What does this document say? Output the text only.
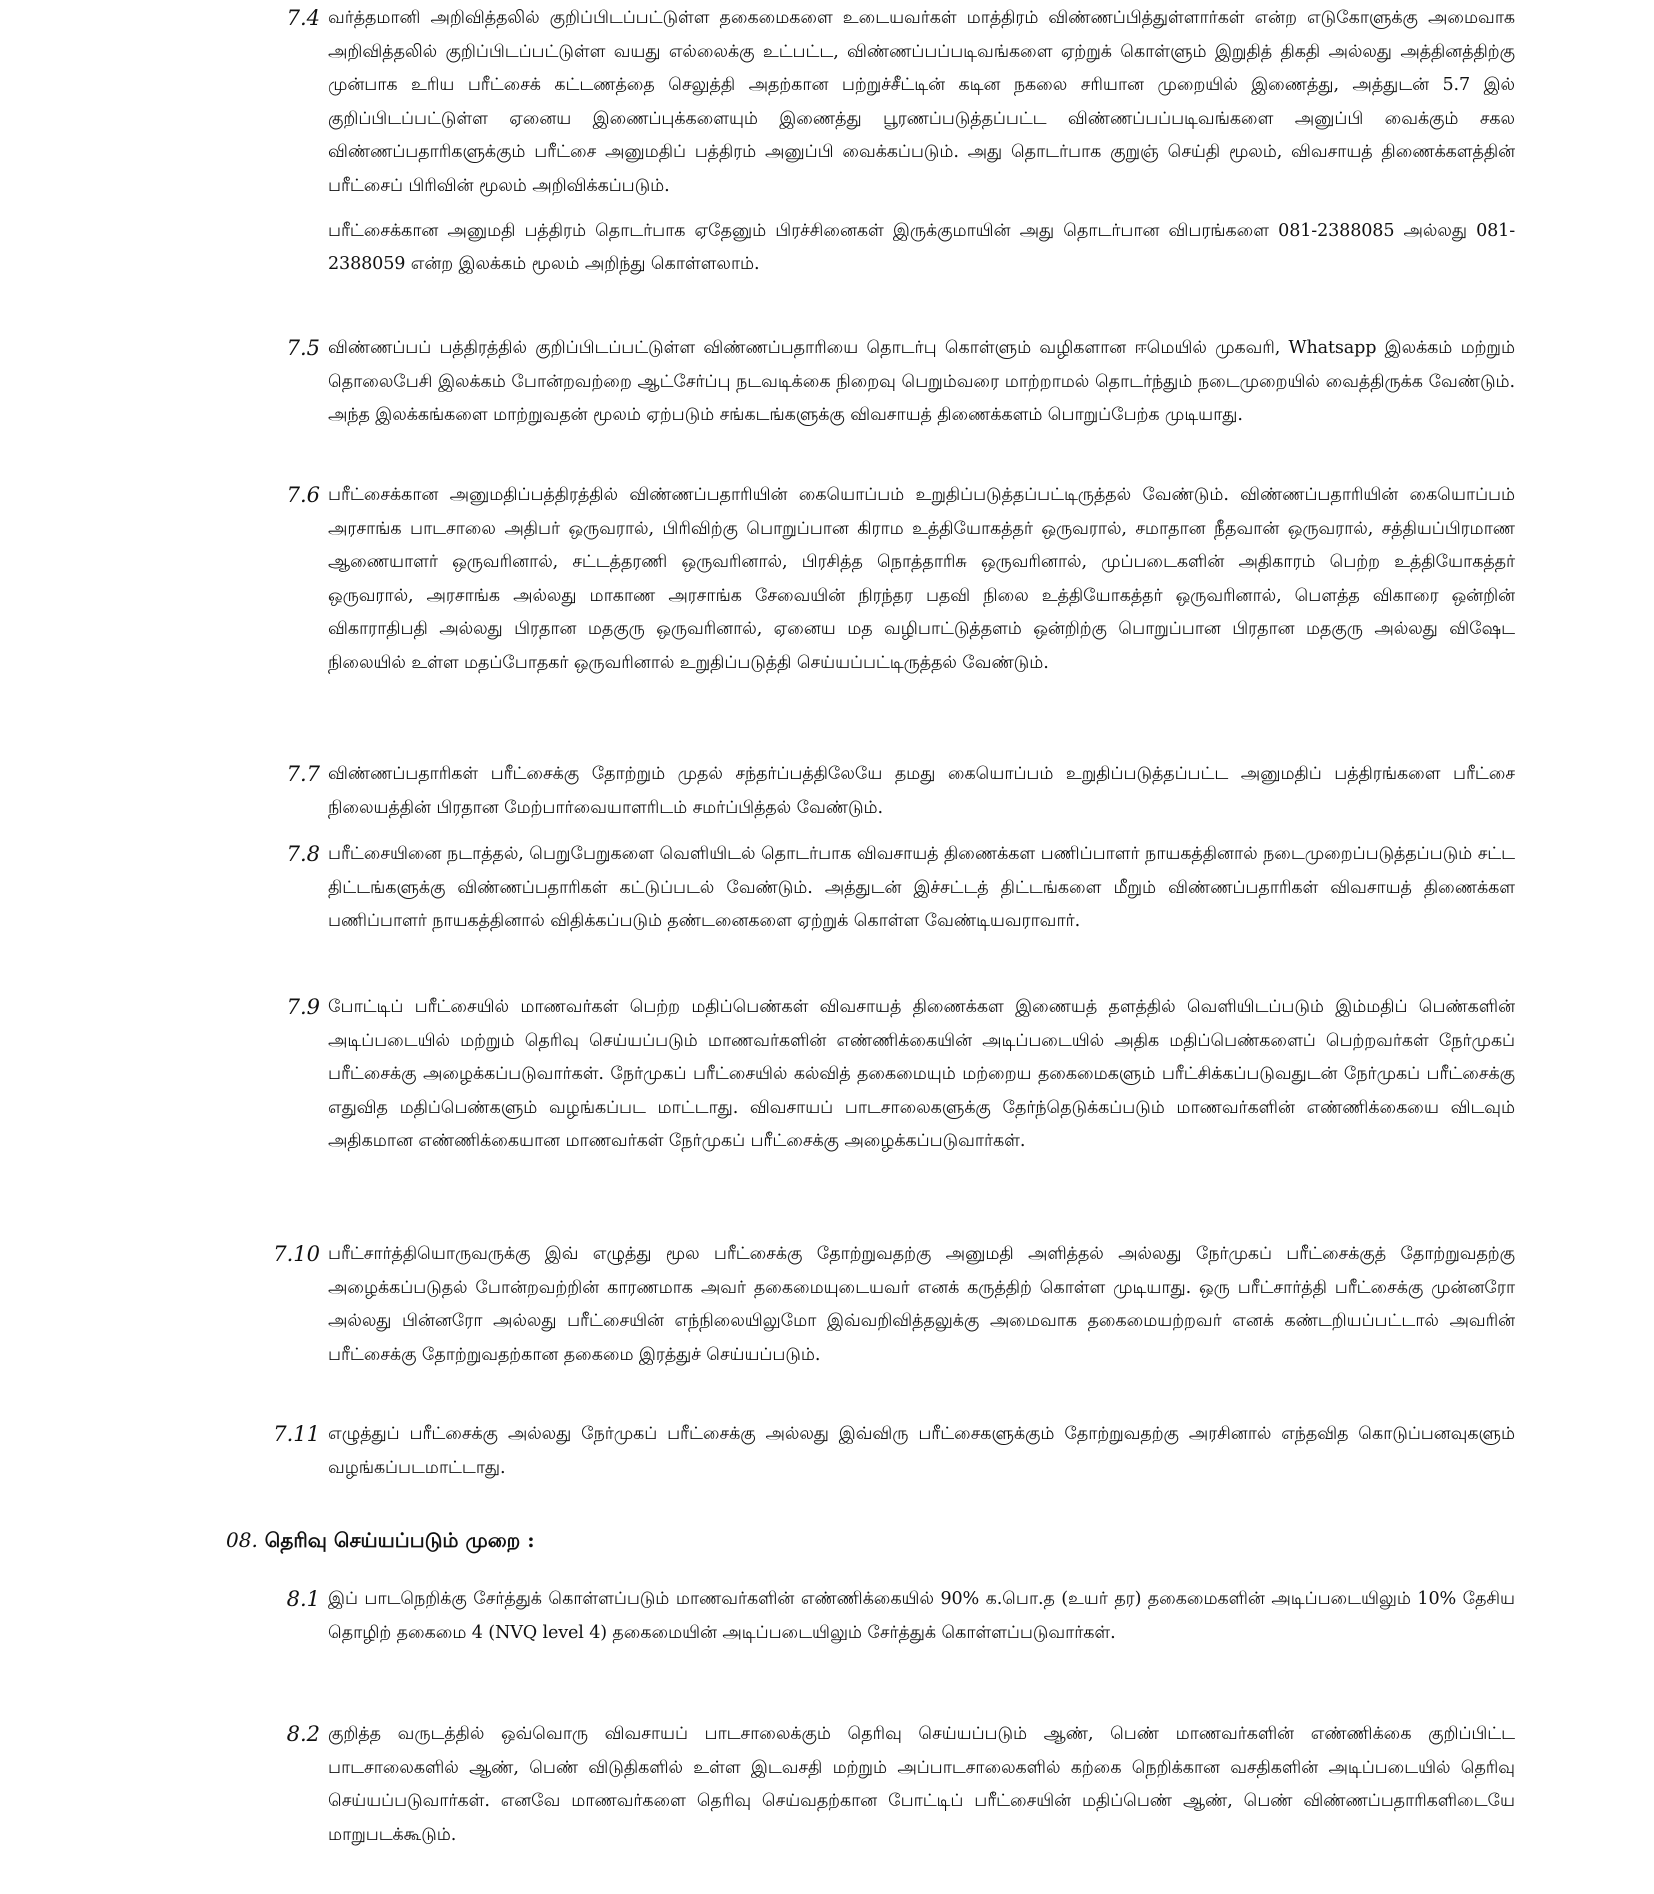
7.4 வர்த்தமானி அறிவித்தலில் குறிப்பிடப்பட்டுள்ள தகைமைகளை உடையவர்கள் மாத்திரம் விண்ணப்பித்துள்ளார்கள் என்ற எடுகோளுக்கு அமைவாக அறிவித்தலில் குறிப்பிடப்பட்டுள்ள வயது எல்லைக்கு உட்பட்ட, விண்ணப்பப்படிவங்களை ஏற்றுக் கொள்ளும் இறுதித் திகதி அல்லது அத்தினத்திற்கு முன்பாக உரிய பரீட்சைக் கட்டணத்தை செலுத்தி அதற்கான பற்றுச்சீட்டின் கடின நகலை சரியான முறையில் இணைத்து, அத்துடன் 5.7 இல் குறிப்பிடப்பட்டுள்ள ஏனைய இணைப்புக்களையும் இணைத்து பூரணப்படுத்தப்பட்ட விண்ணப்பப்படிவங்களை அனுப்பி வைக்கும் சகல விண்ணப்பதாரிகளுக்கும் பரீட்சை அனுமதிப் பத்திரம் அனுப்பி வைக்கப்படும். அது தொடர்பாக குறுஞ் செய்தி மூலம், விவசாயத் திணைக்களத்தின் பரீட்சைப் பிரிவின் மூலம் அறிவிக்கப்படும்.
பரீட்சைக்கான அனுமதி பத்திரம் தொடர்பாக ஏதேனும் பிரச்சினைகள் இருக்குமாயின் அது தொடர்பான விபரங்களை 081-2388085 அல்லது 081-2388059 என்ற இலக்கம் மூலம் அறிந்து கொள்ளலாம்.
7.5 விண்ணப்பப் பத்திரத்தில் குறிப்பிடப்பட்டுள்ள விண்ணப்பதாரியை தொடர்பு கொள்ளும் வழிகளான ஈமெயில் முகவரி, Whatsapp இலக்கம் மற்றும் தொலைபேசி இலக்கம் போன்றவற்றை ஆட்சேர்ப்பு நடவடிக்கை நிறைவு பெறும்வரை மாற்றாமல் தொடர்ந்தும் நடைமுறையில் வைத்திருக்க வேண்டும். அந்த இலக்கங்களை மாற்றுவதன் மூலம் ஏற்படும் சங்கடங்களுக்கு விவசாயத் திணைக்களம் பொறுப்பேற்க முடியாது.
7.6 பரீட்சைக்கான அனுமதிப்பத்திரத்தில் விண்ணப்பதாரியின் கையொப்பம் உறுதிப்படுத்தப்பட்டிருத்தல் வேண்டும். விண்ணப்பதாரியின் கையொப்பம் அரசாங்க பாடசாலை அதிபர் ஒருவரால், பிரிவிற்கு பொறுப்பான கிராம உத்தியோகத்தர் ஒருவரால், சமாதான நீதவான் ஒருவரால், சத்தியப்பிரமாண ஆணையாளர் ஒருவரினால், சட்டத்தரணி ஒருவரினால், பிரசித்த நொத்தாரிசு ஒருவரினால், முப்படைகளின் அதிகாரம் பெற்ற உத்தியோகத்தர் ஒருவரால், அரசாங்க அல்லது மாகாண அரசாங்க சேவையின் நிரந்தர பதவி நிலை உத்தியோகத்தர் ஒருவரினால், பௌத்த விகாரை ஒன்றின் விகாராதிபதி அல்லது பிரதான மதகுரு ஒருவரினால், ஏனைய மத வழிபாட்டுத்தளம் ஒன்றிற்கு பொறுப்பான பிரதான மதகுரு அல்லது விஷேட நிலையில் உள்ள மதப்போதகர் ஒருவரினால் உறுதிப்படுத்தி செய்யப்பட்டிருத்தல் வேண்டும்.
7.7 விண்ணப்பதாரிகள் பரீட்சைக்கு தோற்றும் முதல் சந்தர்ப்பத்திலேயே தமது கையொப்பம் உறுதிப்படுத்தப்பட்ட அனுமதிப் பத்திரங்களை பரீட்சை நிலையத்தின் பிரதான மேற்பார்வையாளரிடம் சமர்ப்பித்தல் வேண்டும்.
7.8 பரீட்சையினை நடாத்தல், பெறுபேறுகளை வெளியிடல் தொடர்பாக விவசாயத் திணைக்கள பணிப்பாளர் நாயகத்தினால் நடைமுறைப்படுத்தப்படும் சட்ட திட்டங்களுக்கு விண்ணப்பதாரிகள் கட்டுப்படல் வேண்டும். அத்துடன் இச்சட்டத் திட்டங்களை மீறும் விண்ணப்பதாரிகள் விவசாயத் திணைக்கள பணிப்பாளர் நாயகத்தினால் விதிக்கப்படும் தண்டனைகளை ஏற்றுக் கொள்ள வேண்டியவராவார்.
7.9 போட்டிப் பரீட்சையில் மாணவர்கள் பெற்ற மதிப்பெண்கள் விவசாயத் திணைக்கள இணையத் தளத்தில் வெளியிடப்படும் இம்மதிப் பெண்களின் அடிப்படையில் மற்றும் தெரிவு செய்யப்படும் மாணவர்களின் எண்ணிக்கையின் அடிப்படையில் அதிக மதிப்பெண்களைப் பெற்றவர்கள் நேர்முகப் பரீட்சைக்கு அழைக்கப்படுவார்கள். நேர்முகப் பரீட்சையில் கல்வித் தகைமையும் மற்றைய தகைமைகளும் பரீட்சிக்கப்படுவதுடன் நேர்முகப் பரீட்சைக்கு எதுவித மதிப்பெண்களும் வழங்கப்பட மாட்டாது. விவசாயப் பாடசாலைகளுக்கு தேர்ந்தெடுக்கப்படும் மாணவர்களின் எண்ணிக்கையை விடவும் அதிகமான எண்ணிக்கையான மாணவர்கள் நேர்முகப் பரீட்சைக்கு அழைக்கப்படுவார்கள்.
7.10 பரீட்சார்த்தியொருவருக்கு இவ் எழுத்து மூல பரீட்சைக்கு தோற்றுவதற்கு அனுமதி அளித்தல் அல்லது நேர்முகப் பரீட்சைக்குத் தோற்றுவதற்கு அழைக்கப்படுதல் போன்றவற்றின் காரணமாக அவர் தகைமையுடையவர் எனக் கருத்திற் கொள்ள முடியாது. ஒரு பரீட்சார்த்தி பரீட்சைக்கு முன்னரோ அல்லது பின்னரோ அல்லது பரீட்சையின் எந்நிலையிலுமோ இவ்வறிவித்தலுக்கு அமைவாக தகைமையற்றவர் எனக் கண்டறியப்பட்டால் அவரின் பரீட்சைக்கு தோற்றுவதற்கான தகைமை இரத்துச் செய்யப்படும்.
7.11 எழுத்துப் பரீட்சைக்கு அல்லது நேர்முகப் பரீட்சைக்கு அல்லது இவ்விரு பரீட்சைகளுக்கும் தோற்றுவதற்கு அரசினால் எந்தவித கொடுப்பனவுகளும் வழங்கப்படமாட்டாது.
08. தெரிவு செய்யப்படும் முறை :
8.1 இப் பாடநெறிக்கு சேர்த்துக் கொள்ளப்படும் மாணவர்களின் எண்ணிக்கையில் 90% க.பொ.த (உயர் தர) தகைமைகளின் அடிப்படையிலும் 10% தேசிய தொழிற் தகைமை 4 (NVQ level 4) தகைமையின் அடிப்படையிலும் சேர்த்துக் கொள்ளப்படுவார்கள்.
8.2 குறித்த வருடத்தில் ஒவ்வொரு விவசாயப் பாடசாலைக்கும் தெரிவு செய்யப்படும் ஆண், பெண் மாணவர்களின் எண்ணிக்கை குறிப்பிட்ட பாடசாலைகளில் ஆண், பெண் விடுதிகளில் உள்ள இடவசதி மற்றும் அப்பாடசாலைகளில் கற்கை நெறிக்கான வசதிகளின் அடிப்படையில் தெரிவு செய்யப்படுவார்கள். எனவே மாணவர்களை தெரிவு செய்வதற்கான போட்டிப் பரீட்சையின் மதிப்பெண் ஆண், பெண் விண்ணப்பதாரிகளிடையே மாறுபடக்கூடும்.
